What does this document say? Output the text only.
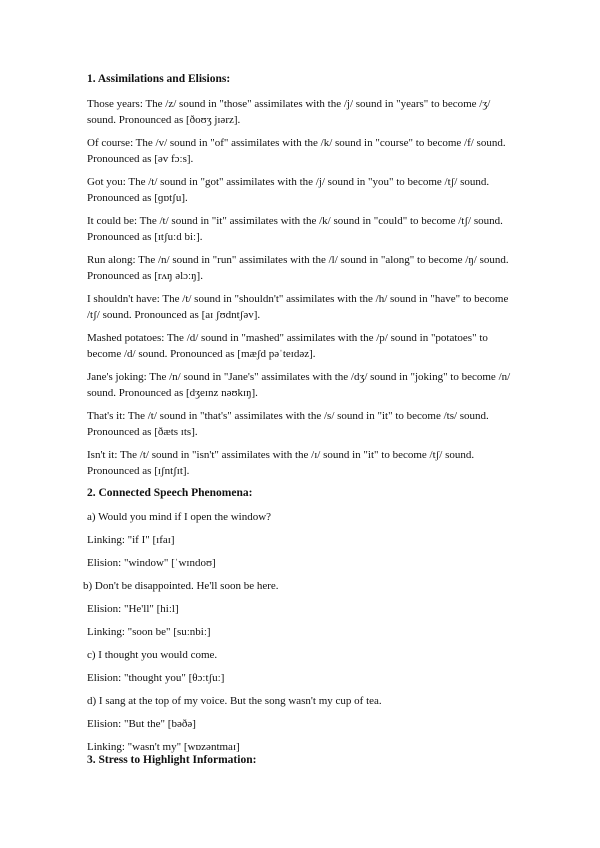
1. Assimilations and Elisions:

Those years: The /z/ sound in "those" assimilates with the /j/ sound in "years" to become /ʒ/ sound. Pronounced as [ðoʊʒ jɪərz].

Of course: The /v/ sound in "of" assimilates with the /k/ sound in "course" to become /f/ sound. Pronounced as [əv fɔːs].

Got you: The /t/ sound in "got" assimilates with the /j/ sound in "you" to become /tʃ/ sound. Pronounced as [ɡɒtʃu].

It could be: The /t/ sound in "it" assimilates with the /k/ sound in "could" to become /tʃ/ sound. Pronounced as [ɪtʃuːd biː].

Run along: The /n/ sound in "run" assimilates with the /l/ sound in "along" to become /ŋ/ sound. Pronounced as [rʌŋ əlɔːŋ].

I shouldn't have: The /t/ sound in "shouldn't" assimilates with the /h/ sound in "have" to become /tʃ/ sound. Pronounced as [aɪ ʃʊdntʃəv].

Mashed potatoes: The /d/ sound in "mashed" assimilates with the /p/ sound in "potatoes" to become /d/ sound. Pronounced as [mæʃd pəˈteɪdəz].

Jane's joking: The /n/ sound in "Jane's" assimilates with the /dʒ/ sound in "joking" to become /n/ sound. Pronounced as [dʒeɪnz nəʊkɪŋ].

That's it: The /t/ sound in "that's" assimilates with the /s/ sound in "it" to become /ts/ sound. Pronounced as [ðæts ɪts].

Isn't it: The /t/ sound in "isn't" assimilates with the /ɪ/ sound in "it" to become /tʃ/ sound. Pronounced as [ɪʃntʃɪt].

2. Connected Speech Phenomena:

a) Would you mind if I open the window?

Linking: "if I" [ɪfaɪ]

Elision: "window" [ˈwɪndoʊ]

b) Don't be disappointed. He'll soon be here.

Elision: "He'll" [hiːl]

Linking: "soon be" [suːnbiː]

c) I thought you would come.

Elision: "thought you" [θɔːtʃuː]

d) I sang at the top of my voice. But the song wasn't my cup of tea.

Elision: "But the" [bəðə]

Linking: "wasn't my" [wɒzəntmaɪ]

3. Stress to Highlight Information:
